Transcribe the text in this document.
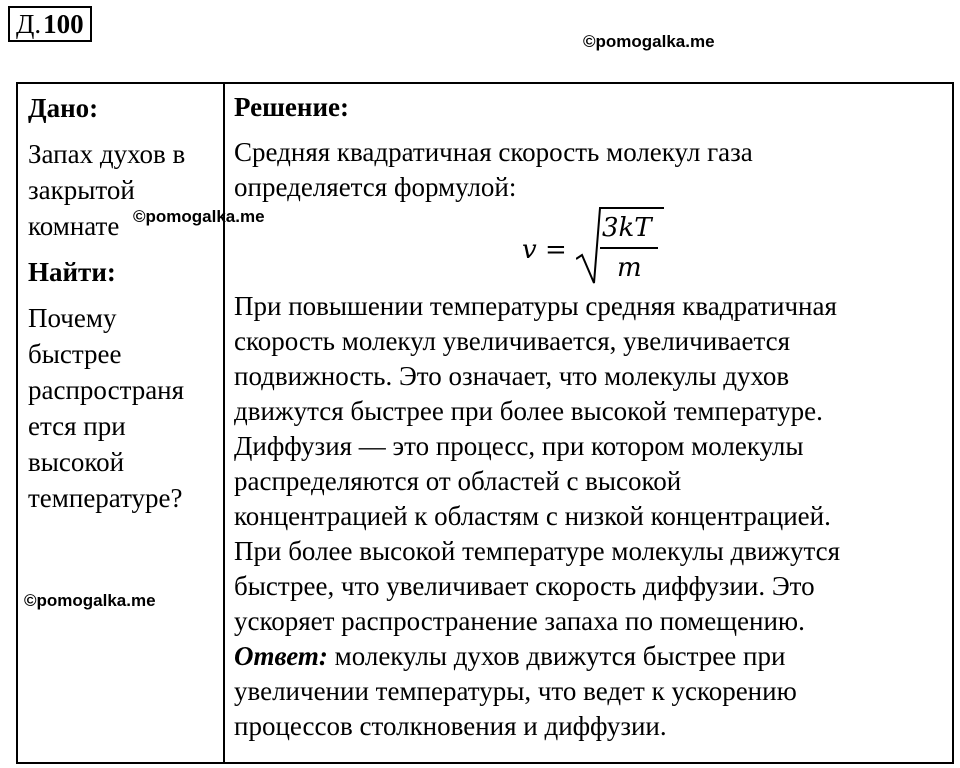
Д. 100
©pomogalka.me
Дано:
Запах духов в
закрытой
комнате
Найти:
Почему
быстрее
распространя
ется при
высокой
температуре?
Решение:
Средняя квадратичная скорость молекул газа
определяется формулой:
v =
3kT
m
При повышении температуры средняя квадратичная
скорость молекул увеличивается, увеличивается
подвижность. Это означает, что молекулы духов
движутся быстрее при более высокой температуре.
Диффузия — это процесс, при котором молекулы
распределяются от областей с высокой
концентрацией к областям с низкой концентрацией.
При более высокой температуре молекулы движутся
быстрее, что увеличивает скорость диффузии. Это
ускоряет распространение запаха по помещению.
Ответ: молекулы духов движутся быстрее при
увеличении температуры, что ведет к ускорению
процессов столкновения и диффузии.
©pomogalka.me
©pomogalka.me
